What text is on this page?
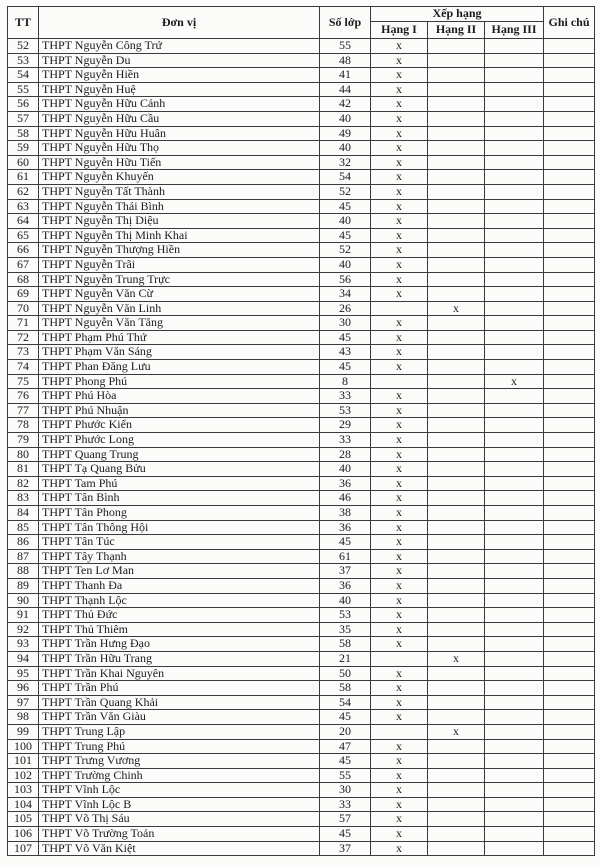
TT	Đơn vị	Số lớp	Xếp hạng			Ghi chú
			Hạng I	Hạng II	Hạng III	
52	THPT Nguyễn Công Trứ	55	x			
53	THPT Nguyễn Du	48	x			
54	THPT Nguyễn Hiền	41	x			
55	THPT Nguyễn Huệ	44	x			
56	THPT Nguyễn Hữu Cảnh	42	x			
57	THPT Nguyễn Hữu Cầu	40	x			
58	THPT Nguyễn Hữu Huân	49	x			
59	THPT Nguyễn Hữu Thọ	40	x			
60	THPT Nguyễn Hữu Tiến	32	x			
61	THPT Nguyễn Khuyến	54	x			
62	THPT Nguyễn Tất Thành	52	x			
63	THPT Nguyễn Thái Bình	45	x			
64	THPT Nguyễn Thị Diệu	40	x			
65	THPT Nguyễn Thị Minh Khai	45	x			
66	THPT Nguyễn Thượng Hiền	52	x			
67	THPT Nguyễn Trãi	40	x			
68	THPT Nguyễn Trung Trực	56	x			
69	THPT Nguyễn Văn Cừ	34	x			
70	THPT Nguyễn Văn Linh	26		x		
71	THPT Nguyễn Văn Tăng	30	x			
72	THPT Phạm Phú Thứ	45	x			
73	THPT Phạm Văn Sáng	43	x			
74	THPT Phan Đăng Lưu	45	x			
75	THPT Phong Phú	8			x	
76	THPT Phú Hòa	33	x			
77	THPT Phú Nhuận	53	x			
78	THPT Phước Kiển	29	x			
79	THPT Phước Long	33	x			
80	THPT Quang Trung	28	x			
81	THPT Tạ Quang Bửu	40	x			
82	THPT Tam Phú	36	x			
83	THPT Tân Bình	46	x			
84	THPT Tân Phong	38	x			
85	THPT Tân Thông Hội	36	x			
86	THPT Tân Túc	45	x			
87	THPT Tây Thạnh	61	x			
88	THPT Ten Lơ Man	37	x			
89	THPT Thanh Đa	36	x			
90	THPT Thạnh Lộc	40	x			
91	THPT Thủ Đức	53	x			
92	THPT Thủ Thiêm	35	x			
93	THPT Trần Hưng Đạo	58	x			
94	THPT Trần Hữu Trang	21		x		
95	THPT Trần Khai Nguyên	50	x			
96	THPT Trần Phú	58	x			
97	THPT Trần Quang Khải	54	x			
98	THPT Trần Văn Giàu	45	x			
99	THPT Trung Lập	20		x		
100	THPT Trung Phú	47	x			
101	THPT Trưng Vương	45	x			
102	THPT Trường Chinh	55	x			
103	THPT Vĩnh Lộc	30	x			
104	THPT Vĩnh Lộc B	33	x			
105	THPT Võ Thị Sáu	57	x			
106	THPT Võ Trường Toản	45	x			
107	THPT Võ Văn Kiệt	37	x			
